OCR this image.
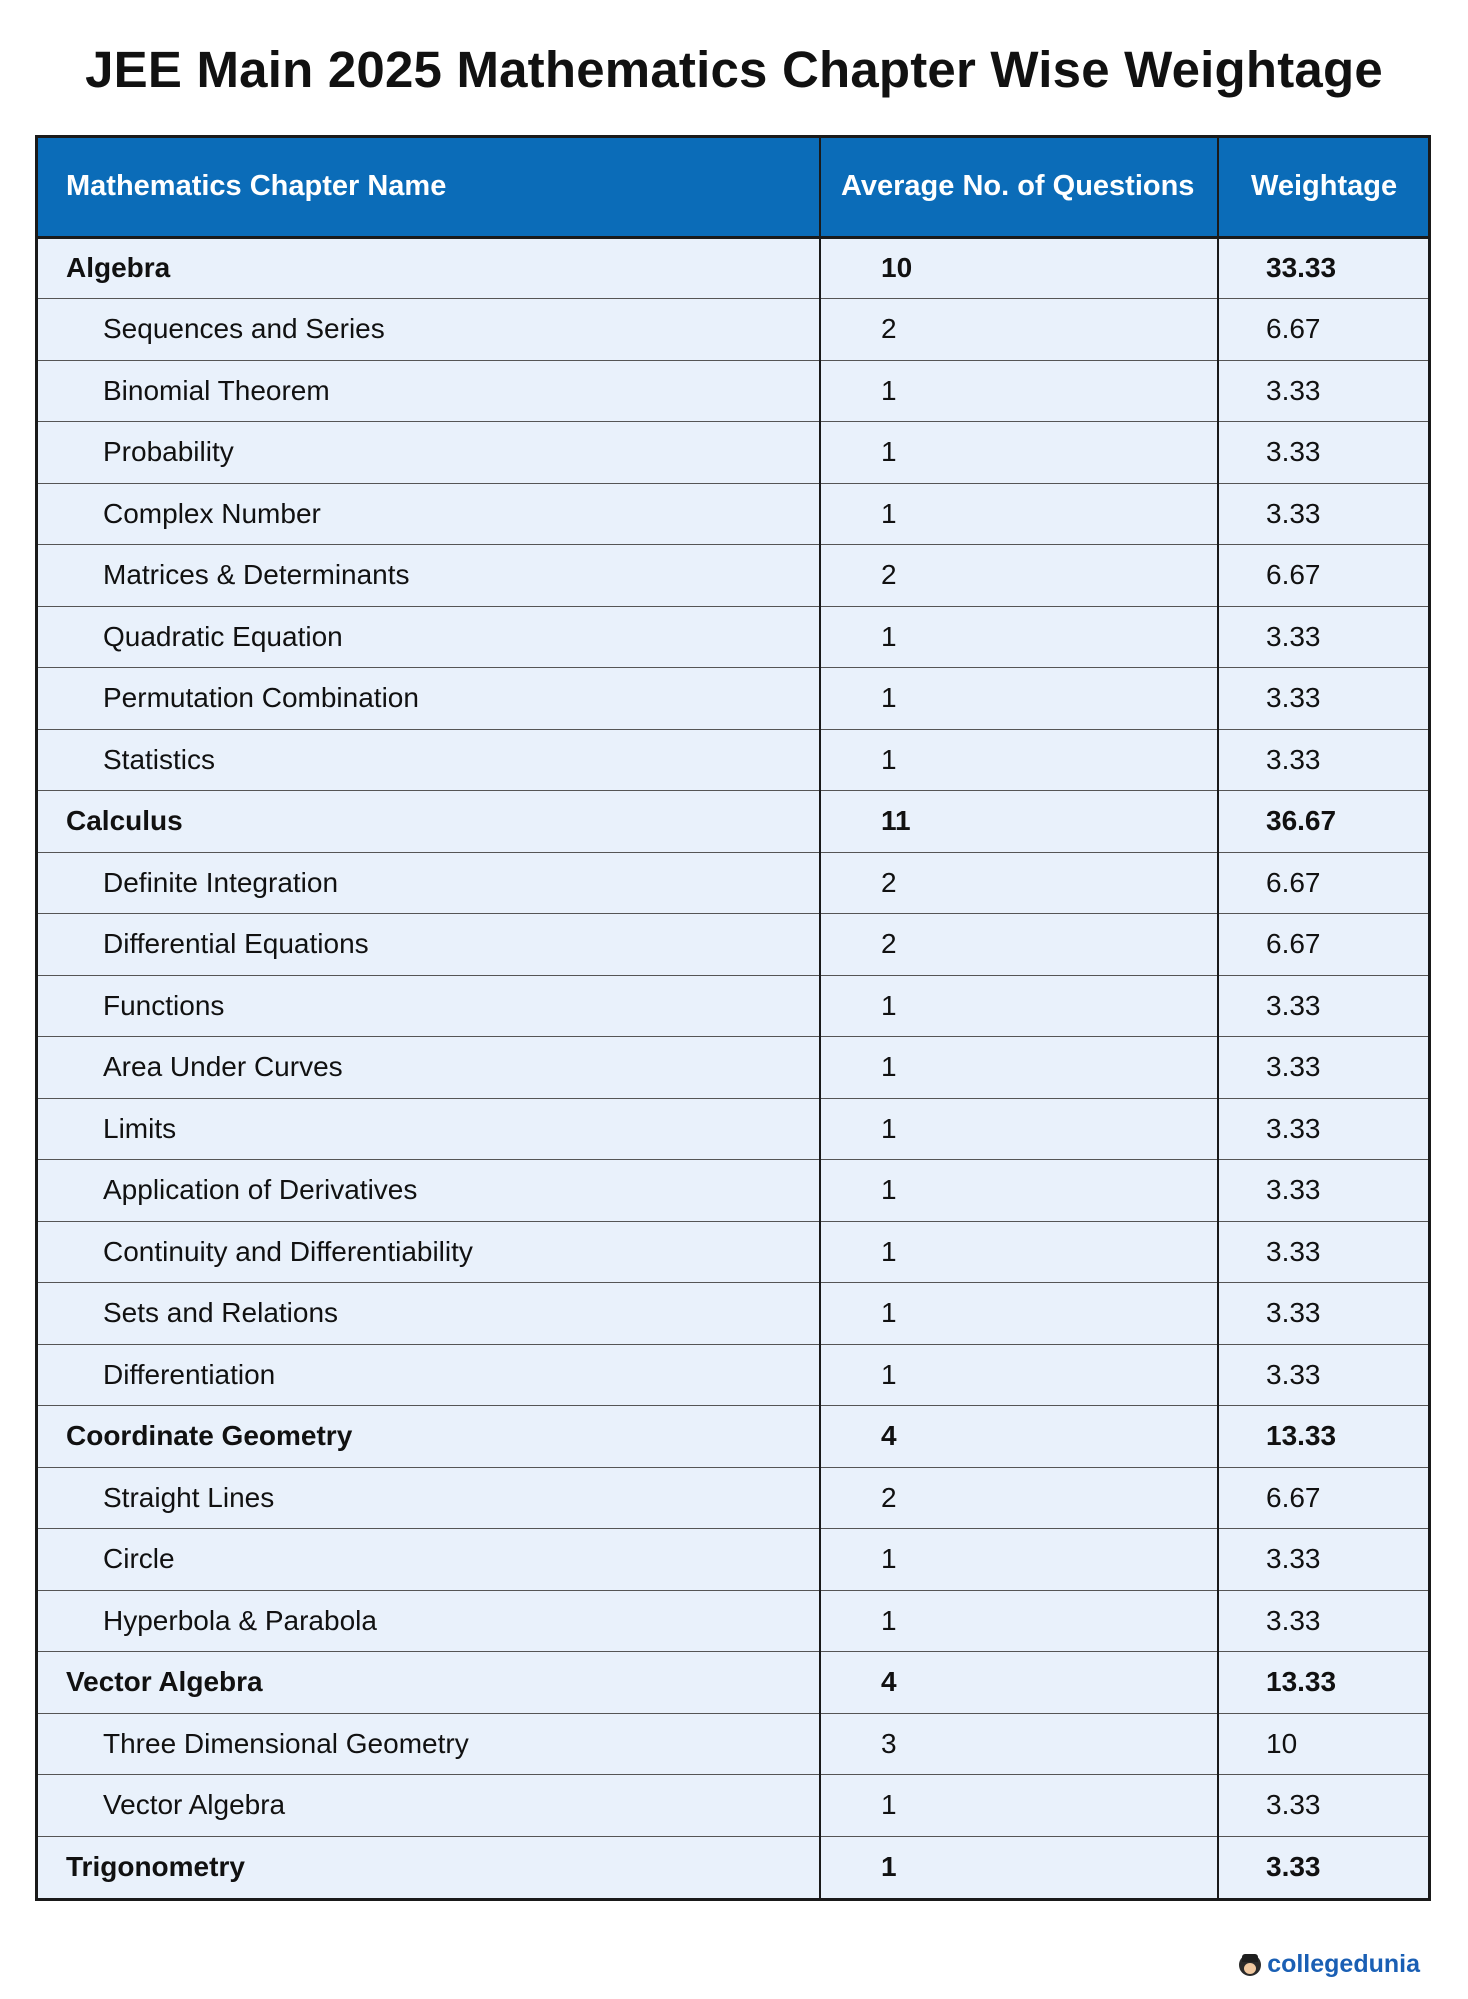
JEE Main 2025 Mathematics Chapter Wise Weightage
Mathematics Chapter Name	Average No. of Questions	Weightage
Algebra	10	33.33
Sequences and Series	2	6.67
Binomial Theorem	1	3.33
Probability	1	3.33
Complex Number	1	3.33
Matrices & Determinants	2	6.67
Quadratic Equation	1	3.33
Permutation Combination	1	3.33
Statistics	1	3.33
Calculus	11	36.67
Definite Integration	2	6.67
Differential Equations	2	6.67
Functions	1	3.33
Area Under Curves	1	3.33
Limits	1	3.33
Application of Derivatives	1	3.33
Continuity and Differentiability	1	3.33
Sets and Relations	1	3.33
Differentiation	1	3.33
Coordinate Geometry	4	13.33
Straight Lines	2	6.67
Circle	1	3.33
Hyperbola & Parabola	1	3.33
Vector Algebra	4	13.33
Three Dimensional Geometry	3	10
Vector Algebra	1	3.33
Trigonometry	1	3.33
collegedunia
